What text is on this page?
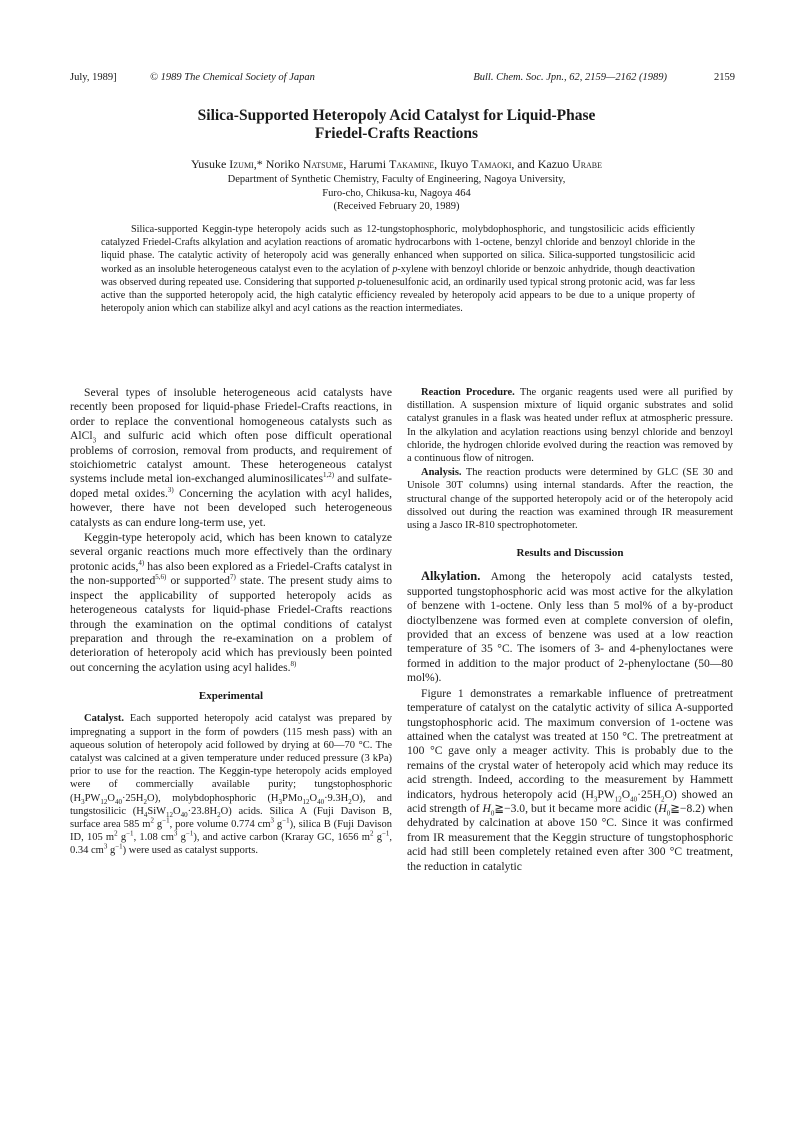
July, 1989]	© 1989 The Chemical Society of Japan	Bull. Chem. Soc. Jpn., 62, 2159—2162 (1989)	2159
Silica-Supported Heteropoly Acid Catalyst for Liquid-Phase
Friedel-Crafts Reactions
Yusuke Izumi,* Noriko Natsume, Harumi Takamine, Ikuyo Tamaoki, and Kazuo Urabe
Department of Synthetic Chemistry, Faculty of Engineering, Nagoya University,
Furo-cho, Chikusa-ku, Nagoya 464
(Received February 20, 1989)
Silica-supported Keggin-type heteropoly acids such as 12-tungstophosphoric, molybdophosphoric, and tungstosilicic acids efficiently catalyzed Friedel-Crafts alkylation and acylation reactions of aromatic hydrocarbons with 1-octene, benzyl chloride and benzoyl chloride in the liquid phase. The catalytic activity of heteropoly acid was generally enhanced when supported on silica. Silica-supported tungstosilicic acid worked as an insoluble heterogeneous catalyst even to the acylation of p-xylene with benzoyl chloride or benzoic anhydride, though deactivation was observed during repeated use. Considering that supported p-toluenesulfonic acid, an ordinarily used typical strong protonic acid, was far less active than the supported heteropoly acid, the high catalytic efficiency revealed by heteropoly acid appears to be due to a unique property of heteropoly anion which can stabilize alkyl and acyl cations as the reaction intermediates.

Several types of insoluble heterogeneous acid catalysts have recently been proposed for liquid-phase Friedel-Crafts reactions, in order to replace the conventional homogeneous catalysts such as AlCl$_3$ and sulfuric acid which often pose difficult operational problems of corrosion, removal from products, and requirement of stoichiometric catalyst amount. These heterogeneous catalyst systems include metal ion-exchanged aluminosilicates$^{1,2)}$ and sulfate-doped metal oxides.$^{3)}$ Concerning the acylation with acyl halides, however, there have not been developed such heterogeneous catalysts as can endure long-term use, yet.

Keggin-type heteropoly acid, which has been known to catalyze several organic reactions much more effectively than the ordinary protonic acids,$^{4)}$ has also been explored as a Friedel-Crafts catalyst in the non-supported$^{5,6)}$ or supported$^{7)}$ state. The present study aims to inspect the applicability of supported heteropoly acids as heterogeneous catalysts for liquid-phase Friedel-Crafts reactions through the examination on the optimal conditions of catalyst preparation and through the re-examination on a problem of deterioration of heteropoly acid which has previously been pointed out concerning the acylation using acyl halides.$^{8)}$

Experimental

Catalyst. Each supported heteropoly acid catalyst was prepared by impregnating a support in the form of powders (115 mesh pass) with an aqueous solution of heteropoly acid followed by drying at 60—70 °C. The catalyst was calcined at a given temperature under reduced pressure (3 kPa) prior to use for the reaction. The Keggin-type heteropoly acids employed were of commercially available purity; tungstophosphoric $(H_3PW_{12}O_{40}\cdot 25H_2O)$, molybdophosphoric $(H_3PMo_{12}O_{40}\cdot 9.3H_2O)$, and tungstosilicic $(H_4SiW_{12}O_{40}\cdot 23.8H_2O)$ acids. Silica A (Fuji Davison B, surface area 585 $m^2$ $g^{-1}$, pore volume 0.774 $cm^3$ $g^{-1}$), silica B (Fuji Davison ID, 105 $m^2$ $g^{-1}$, 1.08 $cm^3$ $g^{-1}$), and active carbon (Kraray GC, 1656 $m^2$ $g^{-1}$, 0.34 $cm^3$ $g^{-1}$) were used as catalyst supports.

Reaction Procedure. The organic reagents used were all purified by distillation. A suspension mixture of liquid organic substrates and solid catalyst granules in a flask was heated under reflux at atmospheric pressure. In the alkylation and acylation reactions using benzyl chloride and benzoyl chloride, the hydrogen chloride evolved during the reaction was removed by a continuous flow of nitrogen.

Analysis. The reaction products were determined by GLC (SE 30 and Unisole 30T columns) using internal standards. After the reaction, the structural change of the supported heteropoly acid or of the heteropoly acid dissolved out during the reaction was examined through IR measurement using a Jasco IR-810 spectrophotometer.

Results and Discussion

Alkylation. Among the heteropoly acid catalysts tested, supported tungstophosphoric acid was most active for the alkylation of benzene with 1-octene. Only less than 5 mol% of a by-product dioctylbenzene was formed even at complete conversion of olefin, provided that an excess of benzene was used at a low reaction temperature of 35 °C. The isomers of 3- and 4-phenyloctanes were formed in addition to the major product of 2-phenyloctane (50—80 mol%).

Figure 1 demonstrates a remarkable influence of pretreatment temperature of catalyst on the catalytic activity of silica A-supported tungstophosphoric acid. The maximum conversion of 1-octene was attained when the catalyst was treated at 150 °C. The pretreatment at 100 °C gave only a meager activity. This is probably due to the remains of the crystal water of heteropoly acid which may reduce its acid strength. Indeed, according to the measurement by Hammett indicators, hydrous heteropoly acid $(H_3PW_{12}O_{40}\cdot 25H_2O)$ showed an acid strength of $H_0≧-3.0$, but it became more acidic $(H_0≧-8.2)$ when dehydrated by calcination at above 150 °C. Since it was confirmed from IR measurement that the Keggin structure of tungstophosphoric acid had still been completely retained even after 300 °C treatment, the reduction in catalytic
